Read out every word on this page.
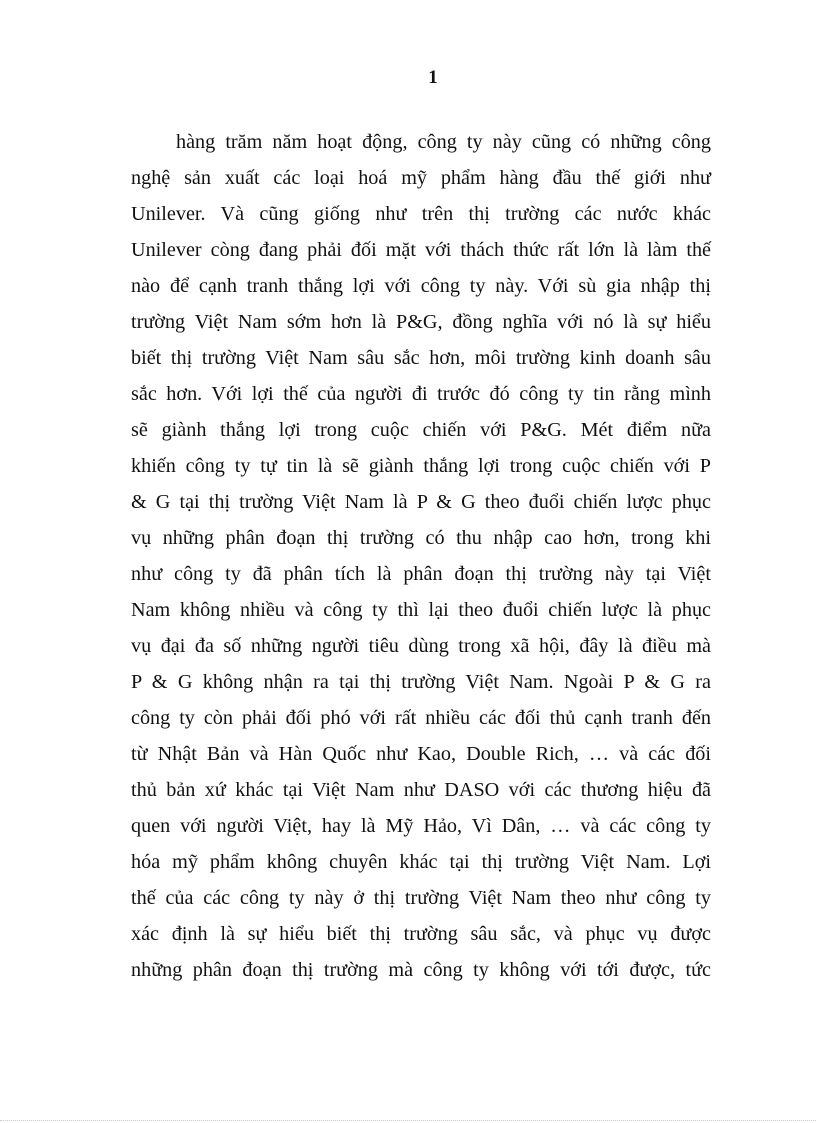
1
hàng trăm năm hoạt động, công ty này cũng có những công
nghệ sản xuất các loại hoá mỹ phẩm hàng đầu thế giới như
Unilever. Và cũng giống như trên thị trường các nước khác
Unilever còng đang phải đối mặt với thách thức rất lớn là làm thế
nào để cạnh tranh thắng lợi với công ty này. Với sù gia nhập thị
trường Việt Nam sớm hơn là P&G, đồng nghĩa với nó là sự hiểu
biết thị trường Việt Nam sâu sắc hơn, môi trường kinh doanh sâu
sắc hơn. Với lợi thế của người đi trước đó công ty tin rằng mình
sẽ giành thắng lợi trong cuộc chiến với P&G. Mét điểm nữa
khiến công ty tự tin là sẽ giành thắng lợi trong cuộc chiến với P
& G tại thị trường Việt Nam là P & G theo đuổi chiến lược phục
vụ những phân đoạn thị trường có thu nhập cao hơn, trong khi
như công ty đã phân tích là phân đoạn thị trường này tại Việt
Nam không nhiều và công ty thì lại theo đuổi chiến lược là phục
vụ đại đa số những người tiêu dùng trong xã hội, đây là điều mà
P & G không nhận ra tại thị trường Việt Nam. Ngoài P & G ra
công ty còn phải đối phó với rất nhiều các đối thủ cạnh tranh đến
từ Nhật Bản và Hàn Quốc như Kao, Double Rich, … và các đối
thủ bản xứ khác tại Việt Nam như DASO với các thương hiệu đã
quen với người Việt, hay là Mỹ Hảo, Vì Dân, … và các công ty
hóa mỹ phẩm không chuyên khác tại thị trường Việt Nam. Lợi
thế của các công ty này ở thị trường Việt Nam theo như công ty
xác định là sự hiểu biết thị trường sâu sắc, và phục vụ được
những phân đoạn thị trường mà công ty không với tới được, tức
